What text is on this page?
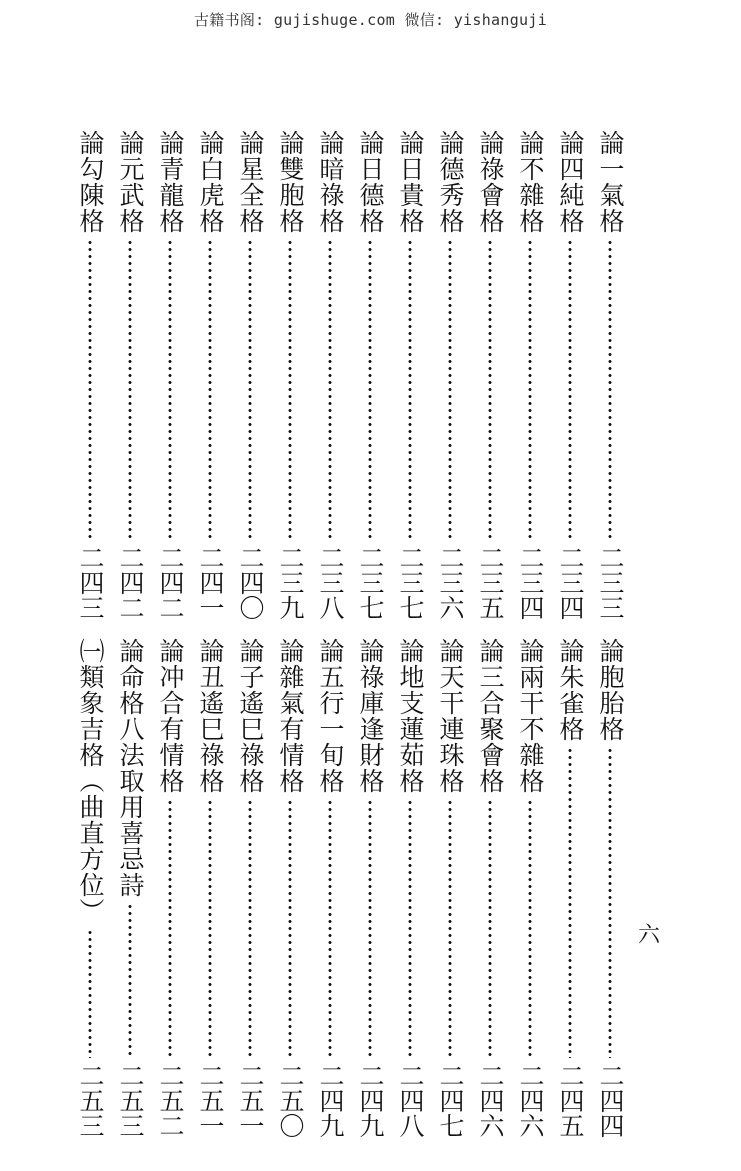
古籍书阁: gujishuge.com 微信: yishanguji
論一氣格
二三三
論四純格
二三四
論不雜格
二三四
論祿會格
二三五
論德秀格
二三六
論日貴格
二三七
論日德格
二三七
論暗祿格
二三八
論雙胞格
二三九
論星全格
二四〇
論白虎格
二四一
論青龍格
二四二
論元武格
二四二
論勾陳格
二四三
論胞胎格
二四四
論朱雀格
二四五
論兩干不雜格
二四六
論三合聚會格
二四六
論天干連珠格
二四七
論地支蓮茹格
二四八
論祿庫逢財格
二四九
論五行一旬格
二四九
論雜氣有情格
二五〇
論子遙巳祿格
二五一
論丑遙巳祿格
二五一
論冲合有情格
二五二
論命格八法取用喜忌詩
二五三
㈠類象吉格（曲直方位）
二五三
六
